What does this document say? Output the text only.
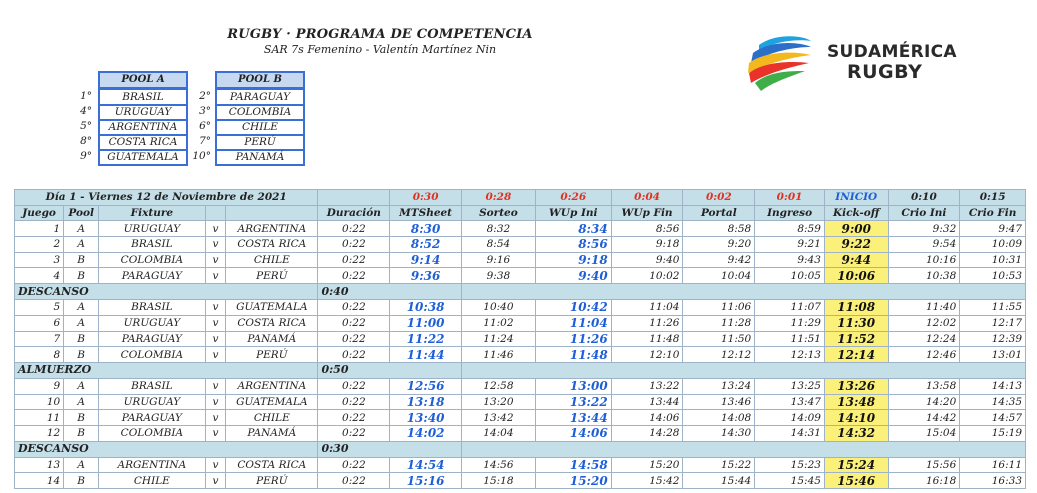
RUGBY · PROGRAMA DE COMPETENCIA
SAR 7s Femenino - Valentín Martínez Nin
POOL A
1°	BRASIL
4°	URUGUAY
5°	ARGENTINA
8°	COSTA RICA
9°	GUATEMALA
POOL B
2°	PARAGUAY
3°	COLOMBIA
6°	CHILE
7°	PERÚ
10°	PANAMÁ
SUDAMÉRICA
RUGBY
Día 1 - Viernes 12 de Noviembre de 2021						0:30	0:28	0:26	0:04	0:02	0:01	INICIO	0:10	0:15
Juego	Pool	Fixture			Duración	MTSheet	Sorteo	WUp Ini	WUp Fin	Portal	Ingreso	Kick-off	Crio Ini	Crio Fin
1	A	URUGUAY	v	ARGENTINA	0:22	8:30	8:32	8:34	8:56	8:58	8:59	9:00	9:32	9:47
2	A	BRASIL	v	COSTA RICA	0:22	8:52	8:54	8:56	9:18	9:20	9:21	9:22	9:54	10:09
3	B	COLOMBIA	v	CHILE	0:22	9:14	9:16	9:18	9:40	9:42	9:43	9:44	10:16	10:31
4	B	PARAGUAY	v	PERÚ	0:22	9:36	9:38	9:40	10:02	10:04	10:05	10:06	10:38	10:53
DESCANSO					0:40									
5	A	BRASIL	v	GUATEMALA	0:22	10:38	10:40	10:42	11:04	11:06	11:07	11:08	11:40	11:55
6	A	URUGUAY	v	COSTA RICA	0:22	11:00	11:02	11:04	11:26	11:28	11:29	11:30	12:02	12:17
7	B	PARAGUAY	v	PANAMÁ	0:22	11:22	11:24	11:26	11:48	11:50	11:51	11:52	12:24	12:39
8	B	COLOMBIA	v	PERÚ	0:22	11:44	11:46	11:48	12:10	12:12	12:13	12:14	12:46	13:01
ALMUERZO					0:50									
9	A	BRASIL	v	ARGENTINA	0:22	12:56	12:58	13:00	13:22	13:24	13:25	13:26	13:58	14:13
10	A	URUGUAY	v	GUATEMALA	0:22	13:18	13:20	13:22	13:44	13:46	13:47	13:48	14:20	14:35
11	B	PARAGUAY	v	CHILE	0:22	13:40	13:42	13:44	14:06	14:08	14:09	14:10	14:42	14:57
12	B	COLOMBIA	v	PANAMÁ	0:22	14:02	14:04	14:06	14:28	14:30	14:31	14:32	15:04	15:19
DESCANSO					0:30									
13	A	ARGENTINA	v	COSTA RICA	0:22	14:54	14:56	14:58	15:20	15:22	15:23	15:24	15:56	16:11
14	B	CHILE	v	PERÚ	0:22	15:16	15:18	15:20	15:42	15:44	15:45	15:46	16:18	16:33
